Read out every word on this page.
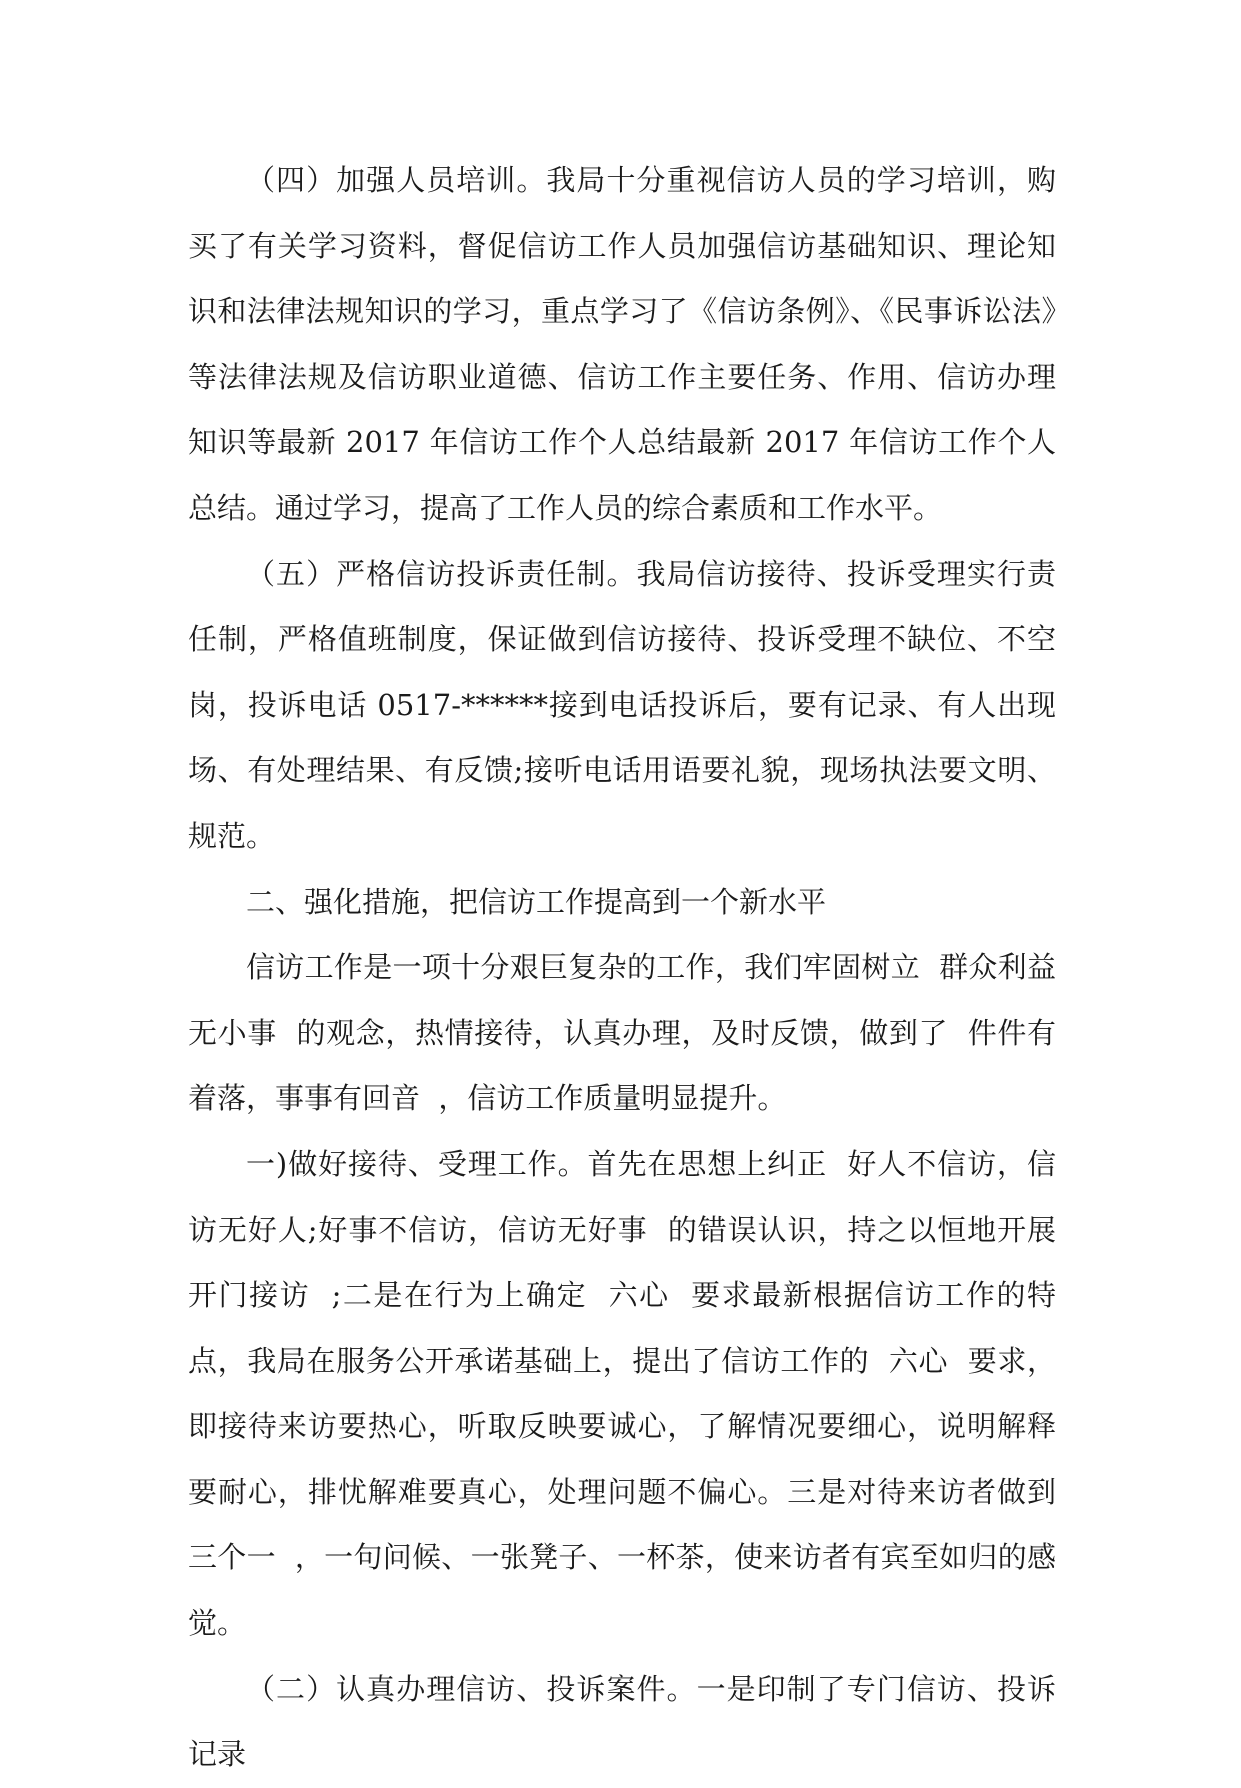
（四）加强人员培训。我局十分重视信访人员的学习培训，购买了有关学习资料，督促信访工作人员加强信访基础知识、理论知识和法律法规知识的学习，重点学习了《信访条例》、《民事诉讼法》等法律法规及信访职业道德、信访工作主要任务、作用、信访办理知识等最新 2017 年信访工作个人总结最新 2017 年信访工作个人总结。通过学习，提高了工作人员的综合素质和工作水平。

（五）严格信访投诉责任制。我局信访接待、投诉受理实行责任制，严格值班制度，保证做到信访接待、投诉受理不缺位、不空岗，投诉电话 0517-******接到电话投诉后，要有记录、有人出现场、有处理结果、有反馈;接听电话用语要礼貌，现场执法要文明、规范。

二、强化措施，把信访工作提高到一个新水平

信访工作是一项十分艰巨复杂的工作，我们牢固树立  群众利益无小事  的观念，热情接待，认真办理，及时反馈，做到了  件件有着落，事事有回音  ，信访工作质量明显提升。

一)做好接待、受理工作。首先在思想上纠正  好人不信访，信访无好人;好事不信访，信访无好事  的错误认识，持之以恒地开展  开门接访  ;二是在行为上确定  六心  要求最新根据信访工作的特点，我局在服务公开承诺基础上，提出了信访工作的  六心  要求，即接待来访要热心，听取反映要诚心，了解情况要细心，说明解释要耐心，排忧解难要真心，处理问题不偏心。三是对待来访者做到  三个一  ，一句问候、一张凳子、一杯茶，使来访者有宾至如归的感觉。

（二）认真办理信访、投诉案件。一是印制了专门信访、投诉记录
